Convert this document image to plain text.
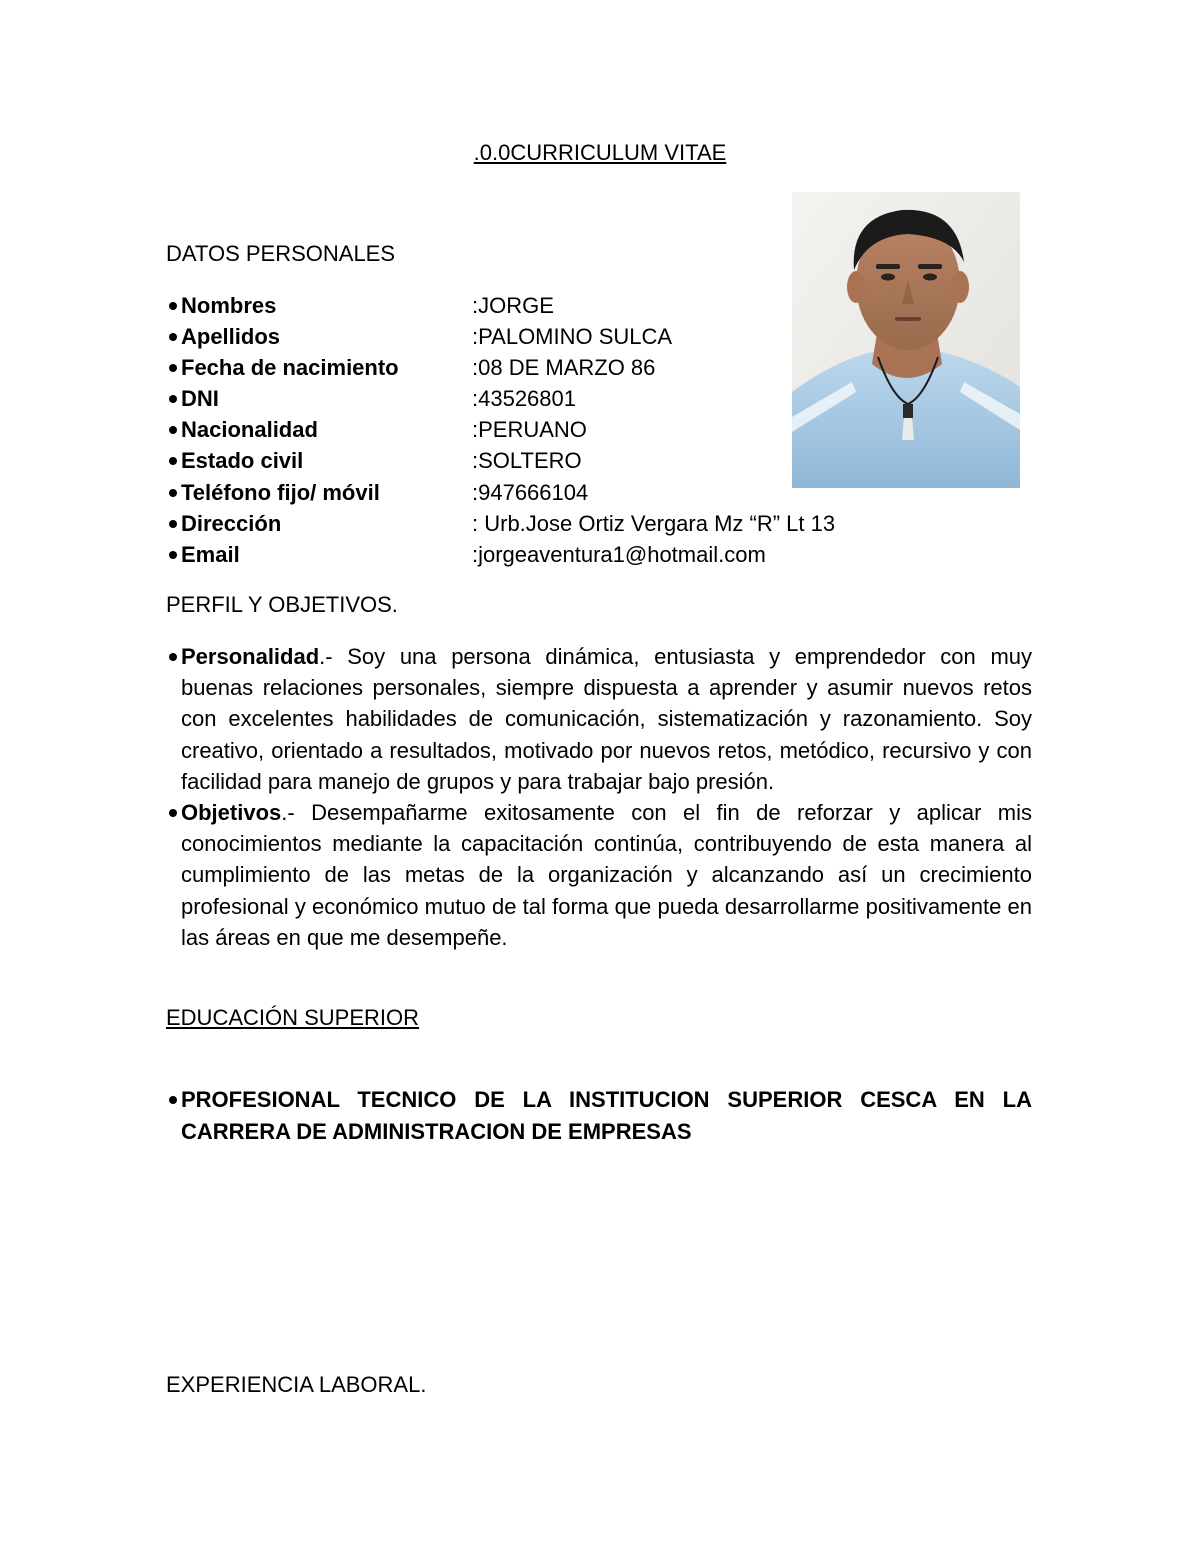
.0.0CURRICULUM VITAE
DATOS PERSONALES
Nombres	:JORGE
Apellidos	:PALOMINO SULCA
Fecha de nacimiento	:08 DE MARZO 86
DNI	:43526801
Nacionalidad	:PERUANO
Estado civil	:SOLTERO
Teléfono fijo/ móvil	:947666104
Dirección	: Urb.Jose Ortiz Vergara Mz “R” Lt 13
Email	:jorgeaventura1@hotmail.com
PERFIL Y OBJETIVOS.
Personalidad.- Soy una persona dinámica, entusiasta y emprendedor con muy buenas relaciones personales, siempre dispuesta a aprender y asumir nuevos retos con excelentes habilidades de comunicación, sistematización y razonamiento. Soy creativo, orientado a resultados, motivado por nuevos retos, metódico, recursivo y con facilidad para manejo de grupos y para trabajar bajo presión.
Objetivos.- Desempañarme exitosamente con el fin de reforzar y aplicar mis conocimientos mediante la capacitación continúa, contribuyendo de esta manera al cumplimiento de las metas de la organización y alcanzando así un crecimiento profesional y económico mutuo de tal forma que pueda desarrollarme positivamente en las áreas en que me desempeñe.
EDUCACIÓN SUPERIOR
PROFESIONAL TECNICO DE LA INSTITUCION SUPERIOR CESCA EN LA CARRERA DE ADMINISTRACION DE EMPRESAS
EXPERIENCIA LABORAL.
